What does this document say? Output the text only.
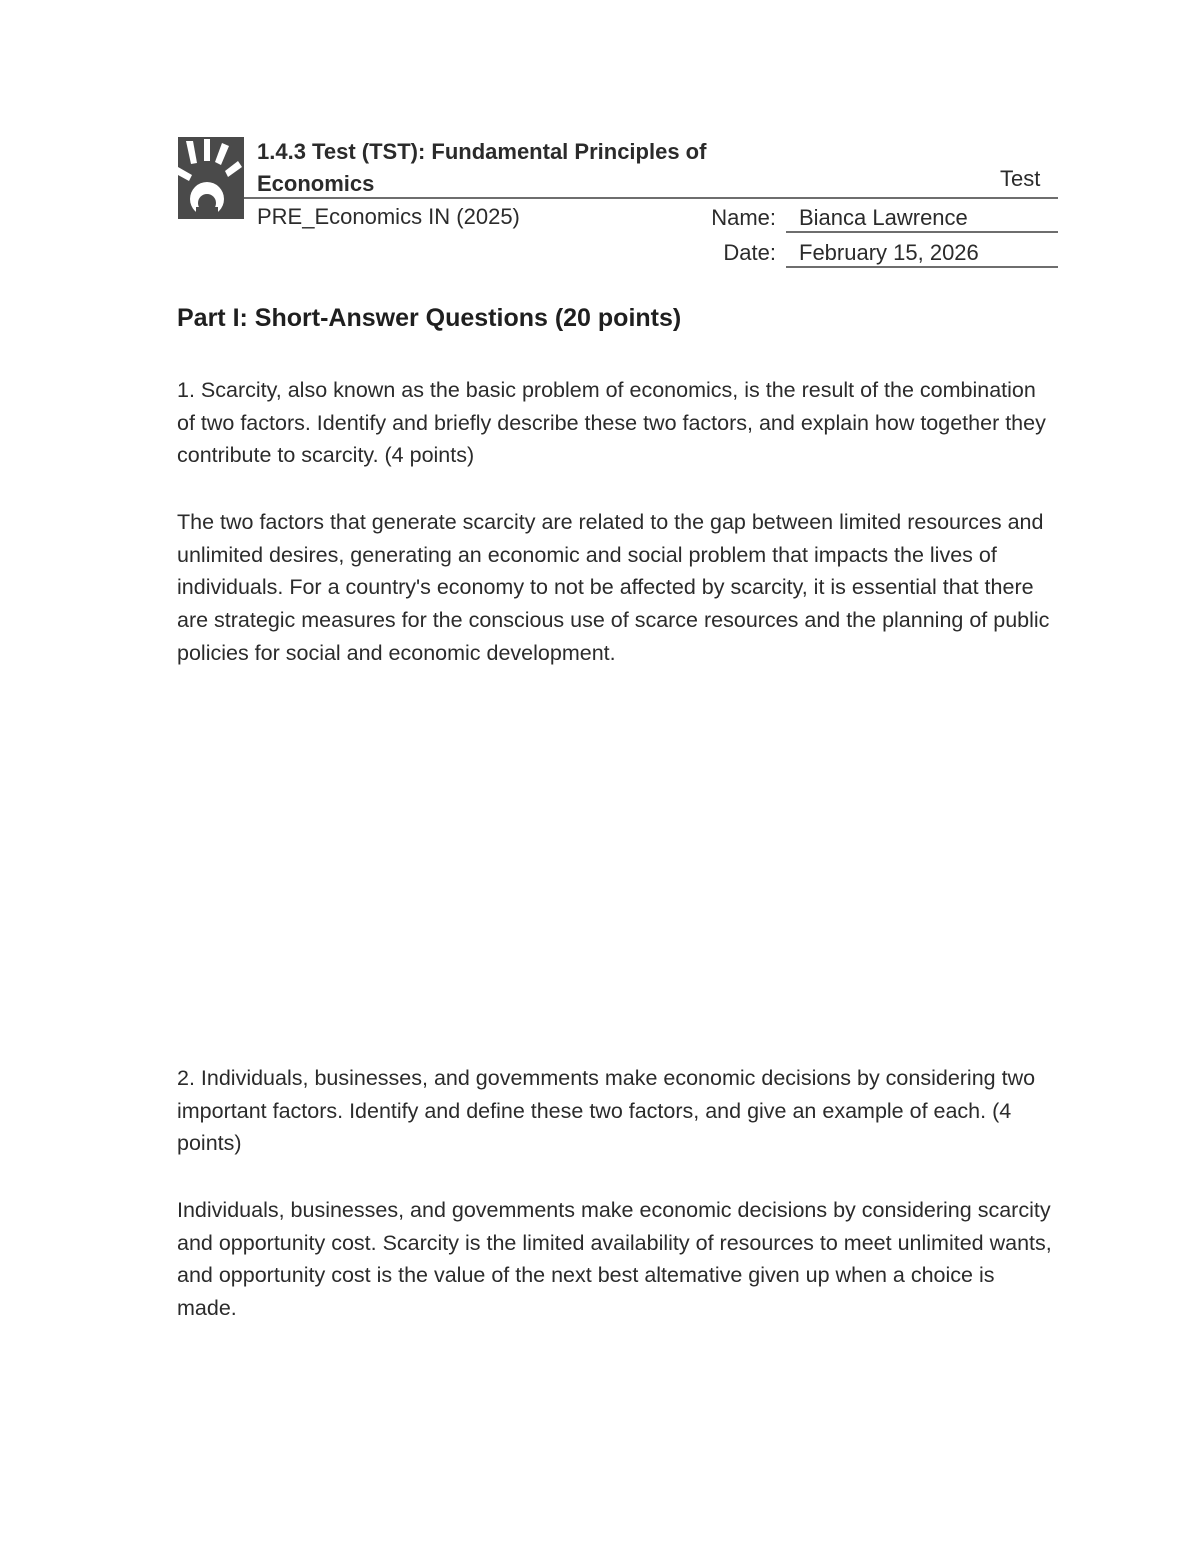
1.4.3 Test (TST): Fundamental Principles of Economics	Test
PRE_Economics IN (2025)	Name: Bianca Lawrence
Date: February 15, 2026
Part I: Short-Answer Questions (20 points)
1. Scarcity, also known as the basic problem of economics, is the result of the combination of two factors. Identify and briefly describe these two factors, and explain how together they contribute to scarcity. (4 points)
The two factors that generate scarcity are related to the gap between limited resources and unlimited desires, generating an economic and social problem that impacts the lives of individuals. For a country's economy to not be affected by scarcity, it is essential that there are strategic measures for the conscious use of scarce resources and the planning of public policies for social and economic development.
2. Individuals, businesses, and govemments make economic decisions by considering two important factors. Identify and define these two factors, and give an example of each. (4 points)
Individuals, businesses, and govemments make economic decisions by considering scarcity and opportunity cost. Scarcity is the limited availability of resources to meet unlimited wants, and opportunity cost is the value of the next best altemative given up when a choice is made.
